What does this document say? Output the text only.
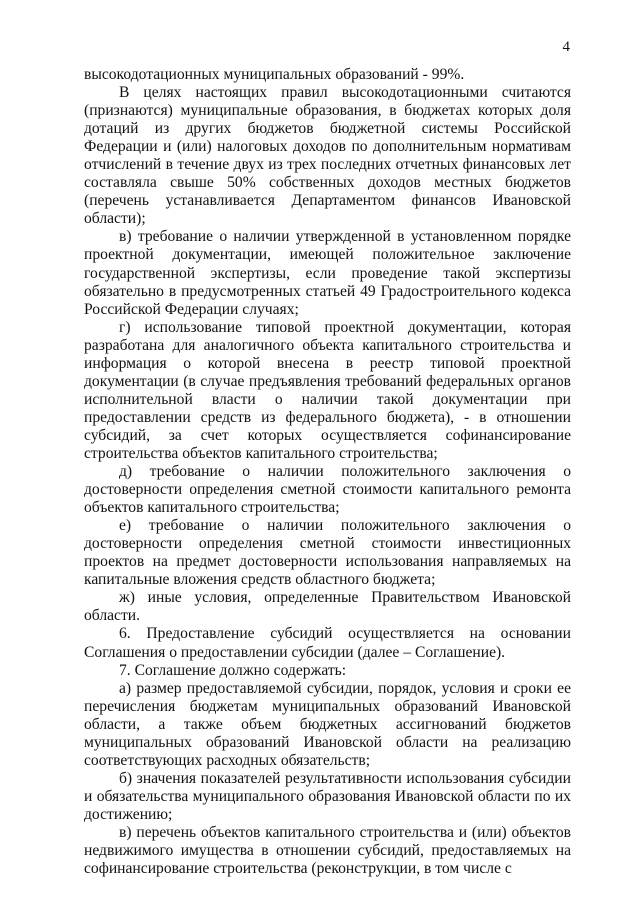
4

высокодотационных муниципальных образований - 99%.

В целях настоящих правил высокодотационными считаются (признаются) муниципальные образования, в бюджетах которых доля дотаций из других бюджетов бюджетной системы Российской Федерации и (или) налоговых доходов по дополнительным нормативам отчислений в течение двух из трех последних отчетных финансовых лет составляла свыше 50% собственных доходов местных бюджетов (перечень устанавливается Департаментом финансов Ивановской области);

в) требование о наличии утвержденной в установленном порядке проектной документации, имеющей положительное заключение государственной экспертизы, если проведение такой экспертизы обязательно в предусмотренных статьей 49 Градостроительного кодекса Российской Федерации случаях;

г) использование типовой проектной документации, которая разработана для аналогичного объекта капитального строительства и информация о которой внесена в реестр типовой проектной документации (в случае предъявления требований федеральных органов исполнительной власти о наличии такой документации при предоставлении средств из федерального бюджета), - в отношении субсидий, за счет которых осуществляется софинансирование строительства объектов капитального строительства;

д) требование о наличии положительного заключения о достоверности определения сметной стоимости капитального ремонта объектов капитального строительства;

е) требование о наличии положительного заключения о достоверности определения сметной стоимости инвестиционных проектов на предмет достоверности использования направляемых на капитальные вложения средств областного бюджета;

ж) иные условия, определенные Правительством Ивановской области.

6. Предоставление субсидий осуществляется на основании Соглашения о предоставлении субсидии (далее – Соглашение).

7. Соглашение должно содержать:

а) размер предоставляемой субсидии, порядок, условия и сроки ее перечисления бюджетам муниципальных образований Ивановской области, а также объем бюджетных ассигнований бюджетов муниципальных образований Ивановской области на реализацию соответствующих расходных обязательств;

б) значения показателей результативности использования субсидии и обязательства муниципального образования Ивановской области по их достижению;

в) перечень объектов капитального строительства и (или) объектов недвижимого имущества в отношении субсидий, предоставляемых на софинансирование строительства (реконструкции, в том числе с
